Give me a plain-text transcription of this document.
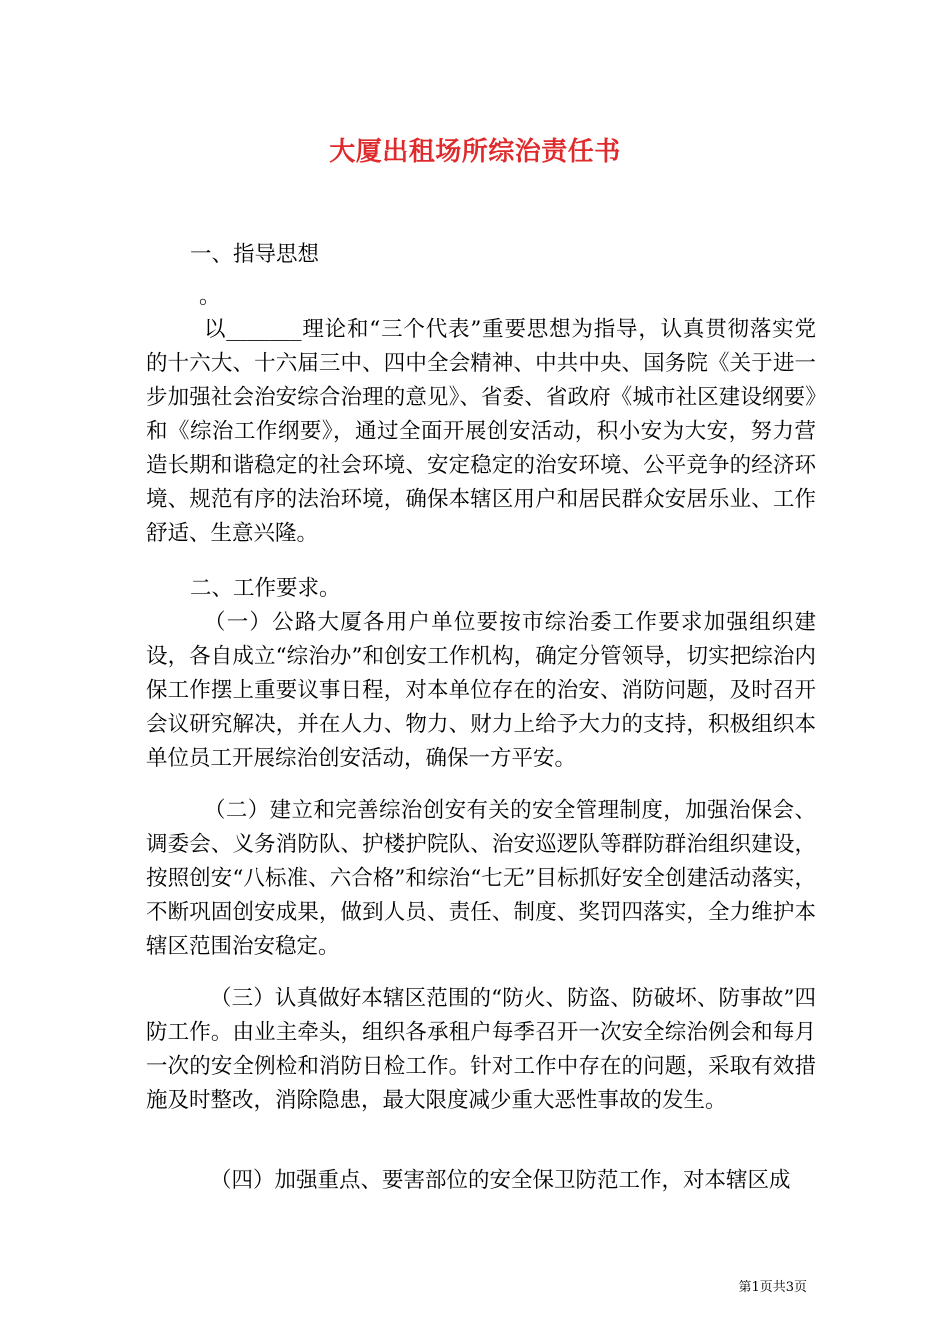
大厦出租场所综治责任书

一、指导思想

。

以_______理论和“三个代表”重要思想为指导，认真贯彻落实党的十六大、十六届三中、四中全会精神、中共中央、国务院《关于进一步加强社会治安综合治理的意见》、省委、省政府《城市社区建设纲要》和《综治工作纲要》，通过全面开展创安活动，积小安为大安，努力营造长期和谐稳定的社会环境、安定稳定的治安环境、公平竞争的经济环境、规范有序的法治环境，确保本辖区用户和居民群众安居乐业、工作舒适、生意兴隆。

二、工作要求。

（一）公路大厦各用户单位要按市综治委工作要求加强组织建设，各自成立“综治办”和创安工作机构，确定分管领导，切实把综治内保工作摆上重要议事日程，对本单位存在的治安、消防问题，及时召开会议研究解决，并在人力、物力、财力上给予大力的支持，积极组织本单位员工开展综治创安活动，确保一方平安。

（二）建立和完善综治创安有关的安全管理制度，加强治保会、调委会、义务消防队、护楼护院队、治安巡逻队等群防群治组织建设，按照创安“八标准、六合格”和综治“七无”目标抓好安全创建活动落实，不断巩固创安成果，做到人员、责任、制度、奖罚四落实，全力维护本辖区范围治安稳定。

（三）认真做好本辖区范围的“防火、防盗、防破坏、防事故”四防工作。由业主牵头，组织各承租户每季召开一次安全综治例会和每月一次的安全例检和消防日检工作。针对工作中存在的问题，采取有效措施及时整改，消除隐患，最大限度减少重大恶性事故的发生。

（四）加强重点、要害部位的安全保卫防范工作，对本辖区成

第1页共3页
